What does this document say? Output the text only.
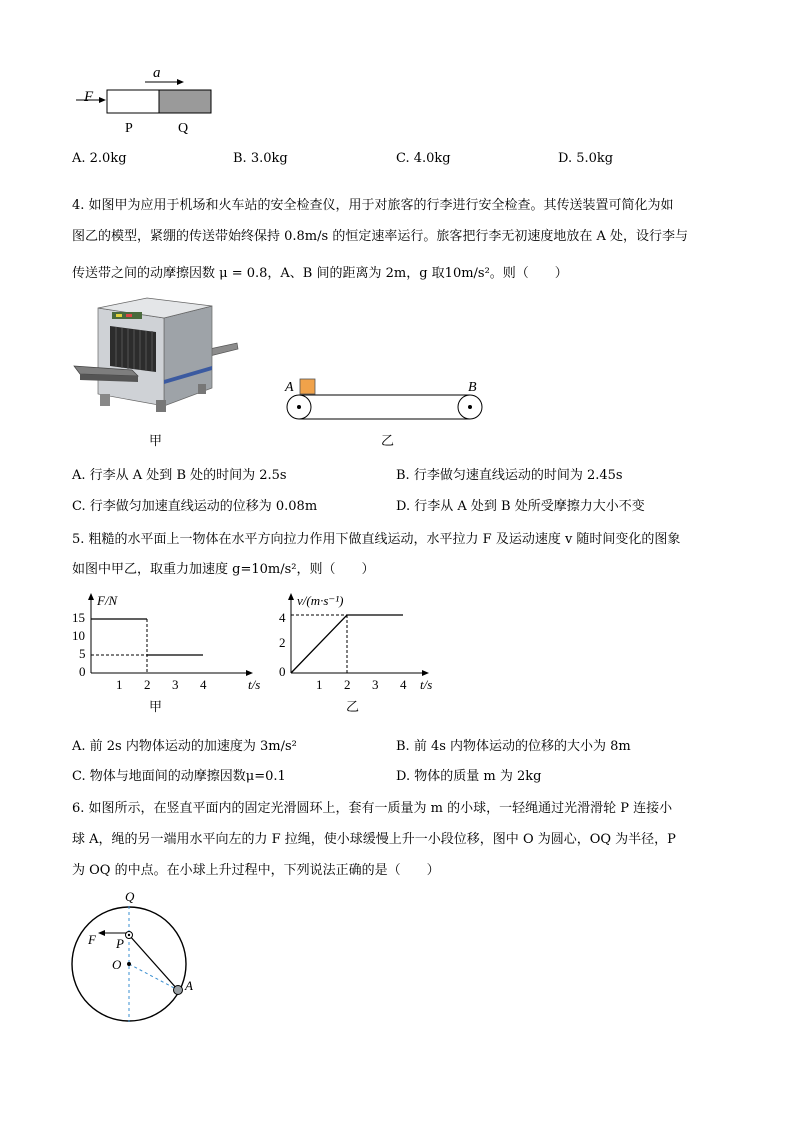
a
F
P	Q
A. 2.0kg	B. 3.0kg	C. 4.0kg	D. 5.0kg
4. 如图甲为应用于机场和火车站的安全检查仪，用于对旅客的行李进行安全检查。其传送装置可简化为如
图乙的模型，紧绷的传送带始终保持 0.8m/s 的恒定速率运行。旅客把行李无初速度地放在 A 处，设行李与
传送带之间的动摩擦因数 μ = 0.8，A、B 间的距离为 2m，g 取10m/s²。则（　　）
甲
A	B
乙
A. 行李从 A 处到 B 处的时间为 2.5s	B. 行李做匀速直线运动的时间为 2.45s
C. 行李做匀加速直线运动的位移为 0.08m	D. 行李从 A 处到 B 处所受摩擦力大小不变
5. 粗糙的水平面上一物体在水平方向拉力作用下做直线运动，水平拉力 F 及运动速度 v 随时间变化的图象
如图中甲乙，取重力加速度 g=10m/s²，则（　　）
F/N
t/s
15
10
5
0
1 2 3 4
甲
v/(m·s⁻¹)
t/s
4
2
0
1 2 3 4
乙
A. 前 2s 内物体运动的加速度为 3m/s²	B. 前 4s 内物体运动的位移的大小为 8m
C. 物体与地面间的动摩擦因数μ=0.1	D. 物体的质量 m 为 2kg
6. 如图所示，在竖直平面内的固定光滑圆环上，套有一质量为 m 的小球，一轻绳通过光滑滑轮 P 连接小
球 A，绳的另一端用水平向左的力 F 拉绳，使小球缓慢上升一小段位移，图中 O 为圆心，OQ 为半径，P
为 OQ 的中点。在小球上升过程中，下列说法正确的是（　　）
Q
F P
O
A
